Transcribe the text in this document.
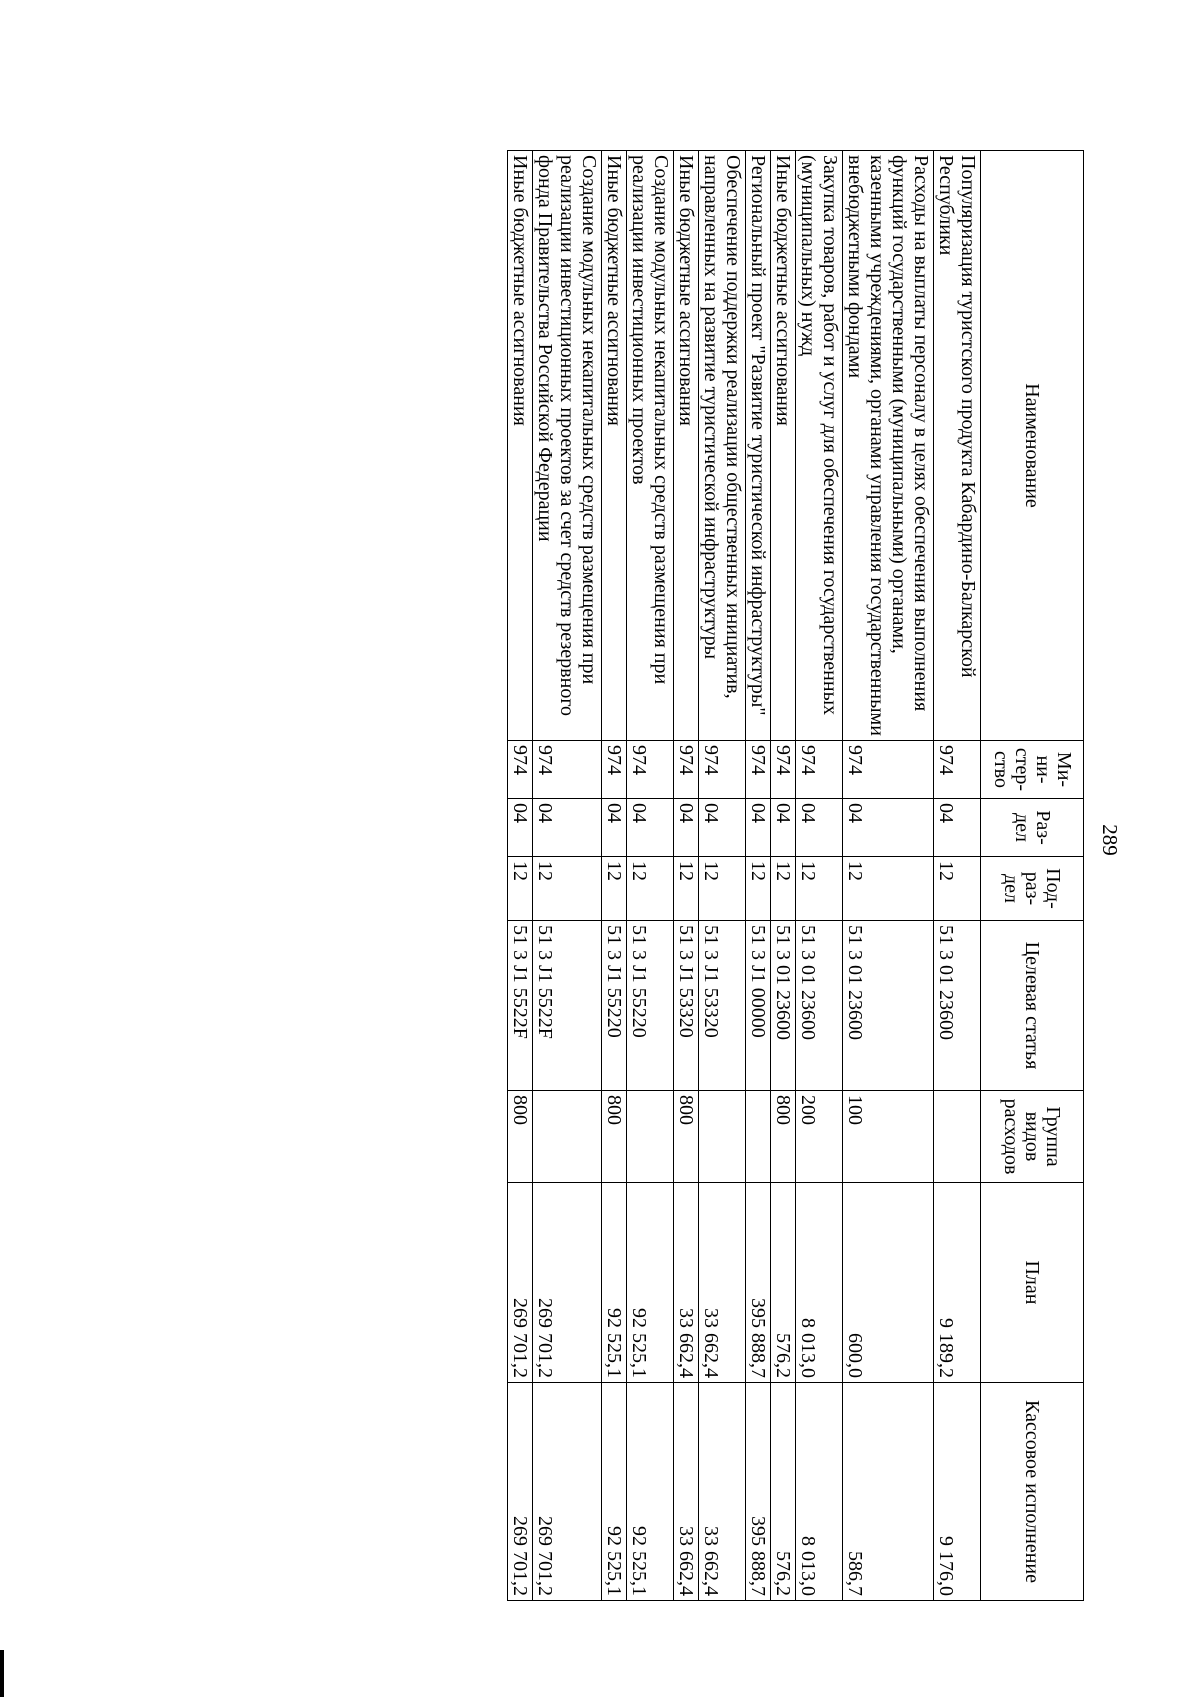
289
Наименование	Ми-ни-стер-ство	Раз-дел	Под-раз-дел	Целевая статья	Группа видов расходов	План	Кассовое исполнение
Популяризация туристского продукта Кабардино-Балкарской Республики	974	04	12	51 3 01 23600		9 189,2	9 176,0
Расходы на выплаты персоналу в целях обеспечения выполнения функций государственными (муниципальными) органами, казенными учреждениями, органами управления государственными внебюджетными фондами	974	04	12	51 3 01 23600	100	600,0	586,7
Закупка товаров, работ и услуг для обеспечения государственных (муниципальных) нужд	974	04	12	51 3 01 23600	200	8 013,0	8 013,0
Иные бюджетные ассигнования	974	04	12	51 3 01 23600	800	576,2	576,2
Региональный проект "Развитие туристической инфраструктуры"	974	04	12	51 3 J1 00000		395 888,7	395 888,7
Обеспечение поддержки реализации общественных инициатив, направленных на развитие туристической инфраструктуры	974	04	12	51 3 J1 53320		33 662,4	33 662,4
Иные бюджетные ассигнования	974	04	12	51 3 J1 53320	800	33 662,4	33 662,4
Создание модульных некапитальных средств размещения при реализации инвестиционных проектов	974	04	12	51 3 J1 55220		92 525,1	92 525,1
Иные бюджетные ассигнования	974	04	12	51 3 J1 55220	800	92 525,1	92 525,1
Создание модульных некапитальных средств размещения при реализации инвестиционных проектов за счет средств резервного фонда Правительства Российской Федерации	974	04	12	51 3 J1 5522F		269 701,2	269 701,2
Иные бюджетные ассигнования	974	04	12	51 3 J1 5522F	800	269 701,2	269 701,2
